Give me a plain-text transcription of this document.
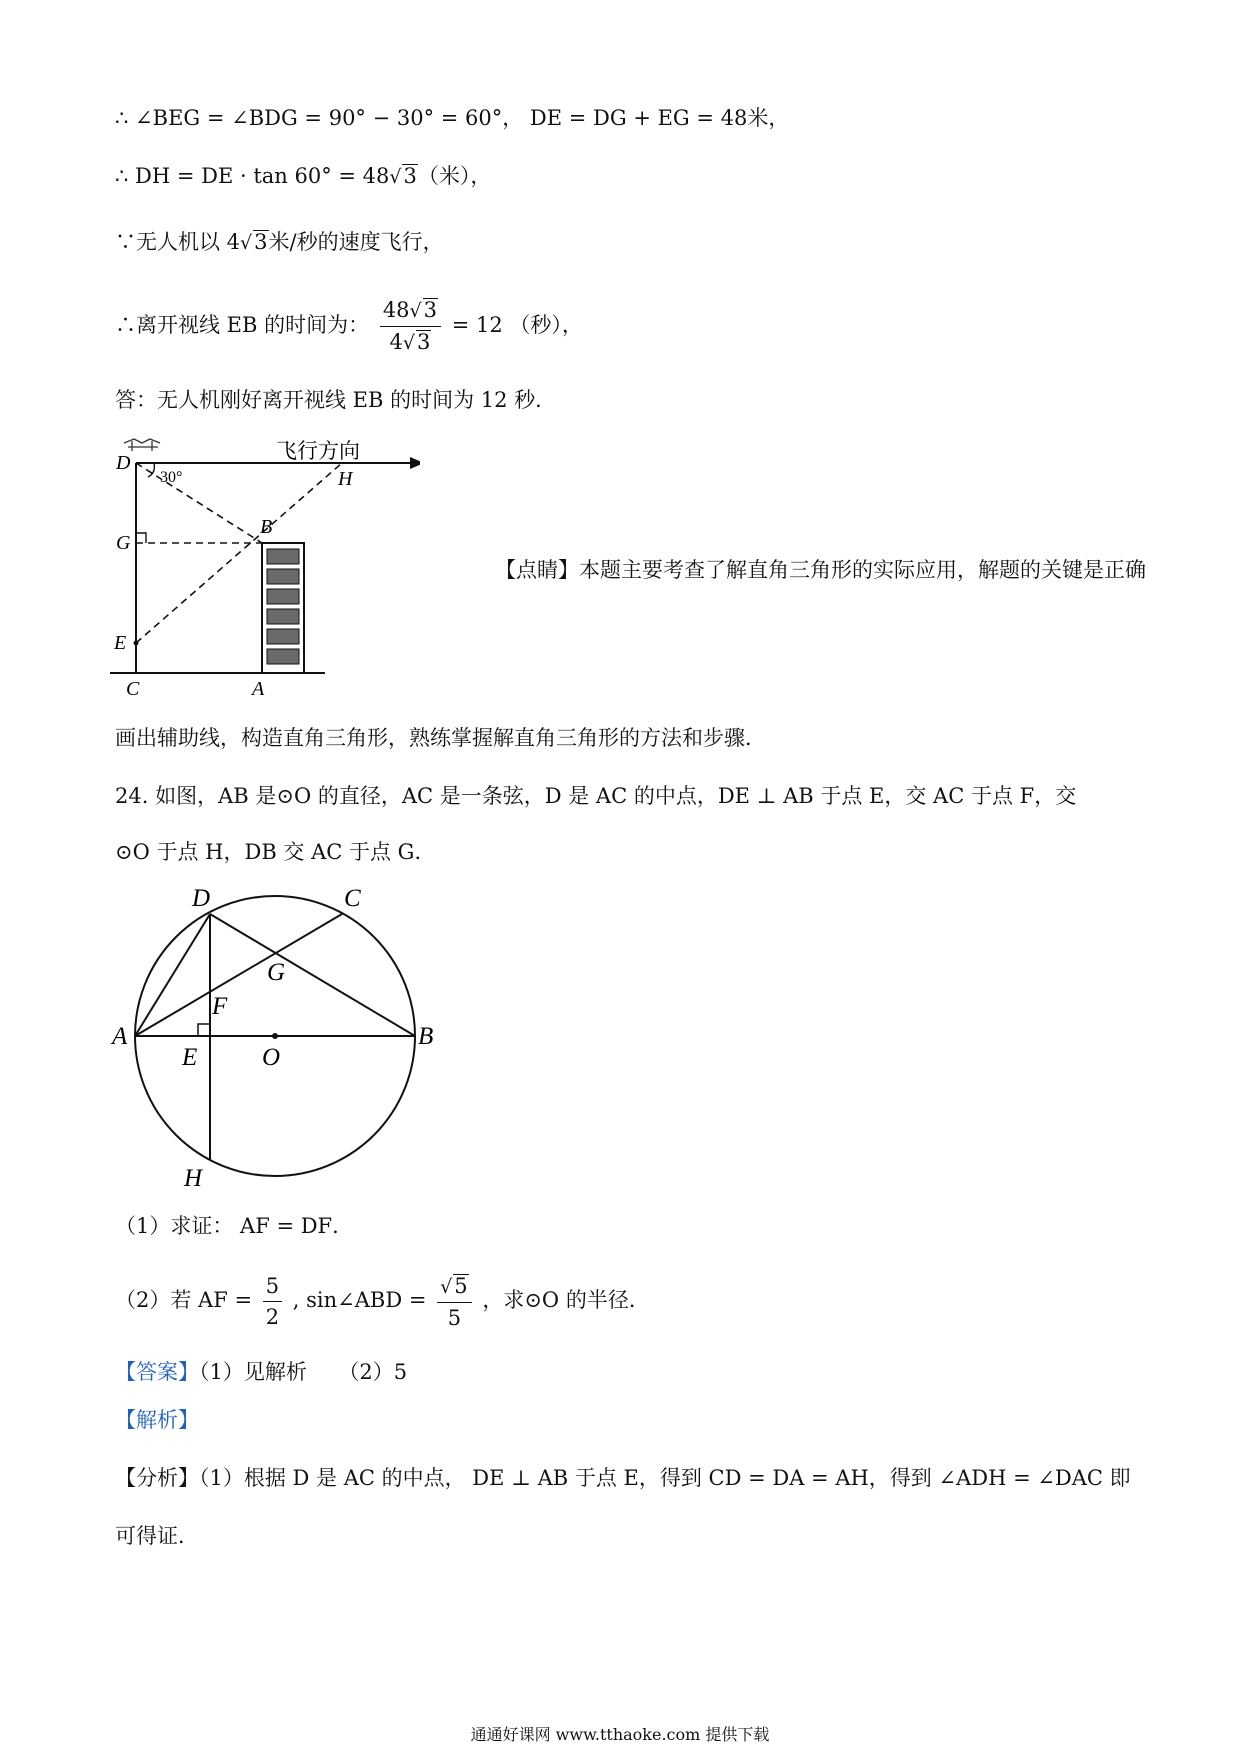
∴ ∠BEG = ∠BDG = 90° − 30° = 60°， DE = DG + EG = 48米，
∴ DH = DE · tan 60° = 48√3（米），
∵无人机以 4√3米/秒的速度飞行，
∴离开视线 EB 的时间为： $\frac{48√3}{4√3} = 12$ （秒），
答：无人机刚好离开视线 EB 的时间为 12 秒．
飞行方向
30°
D
H
G
B
E
C	A
【点睛】本题主要考查了解直角三角形的实际应用，解题的关键是正确
画出辅助线，构造直角三角形，熟练掌握解直角三角形的方法和步骤．
24. 如图，AB 是⊙O 的直径，AC 是一条弦，D 是 AC 的中点，DE ⊥ AB 于点 E，交 AC 于点 F，交
⊙O 于点 H，DB 交 AC 于点 G．
D	C
G
F
A
E	O
B
H
（1）求证： AF = DF．
（2）若 AF = $\frac{5}{2}$ , sin∠ABD = $\frac{√5}{5}$ ，求⊙O 的半径．
【答案】（1）见解析　　（2）5
【解析】
【分析】（1）根据 D 是 AC 的中点， DE ⊥ AB 于点 E，得到 CD = DA = AH，得到 ∠ADH = ∠DAC 即
可得证．
通通好课网 www.tthaoke.com 提供下载
